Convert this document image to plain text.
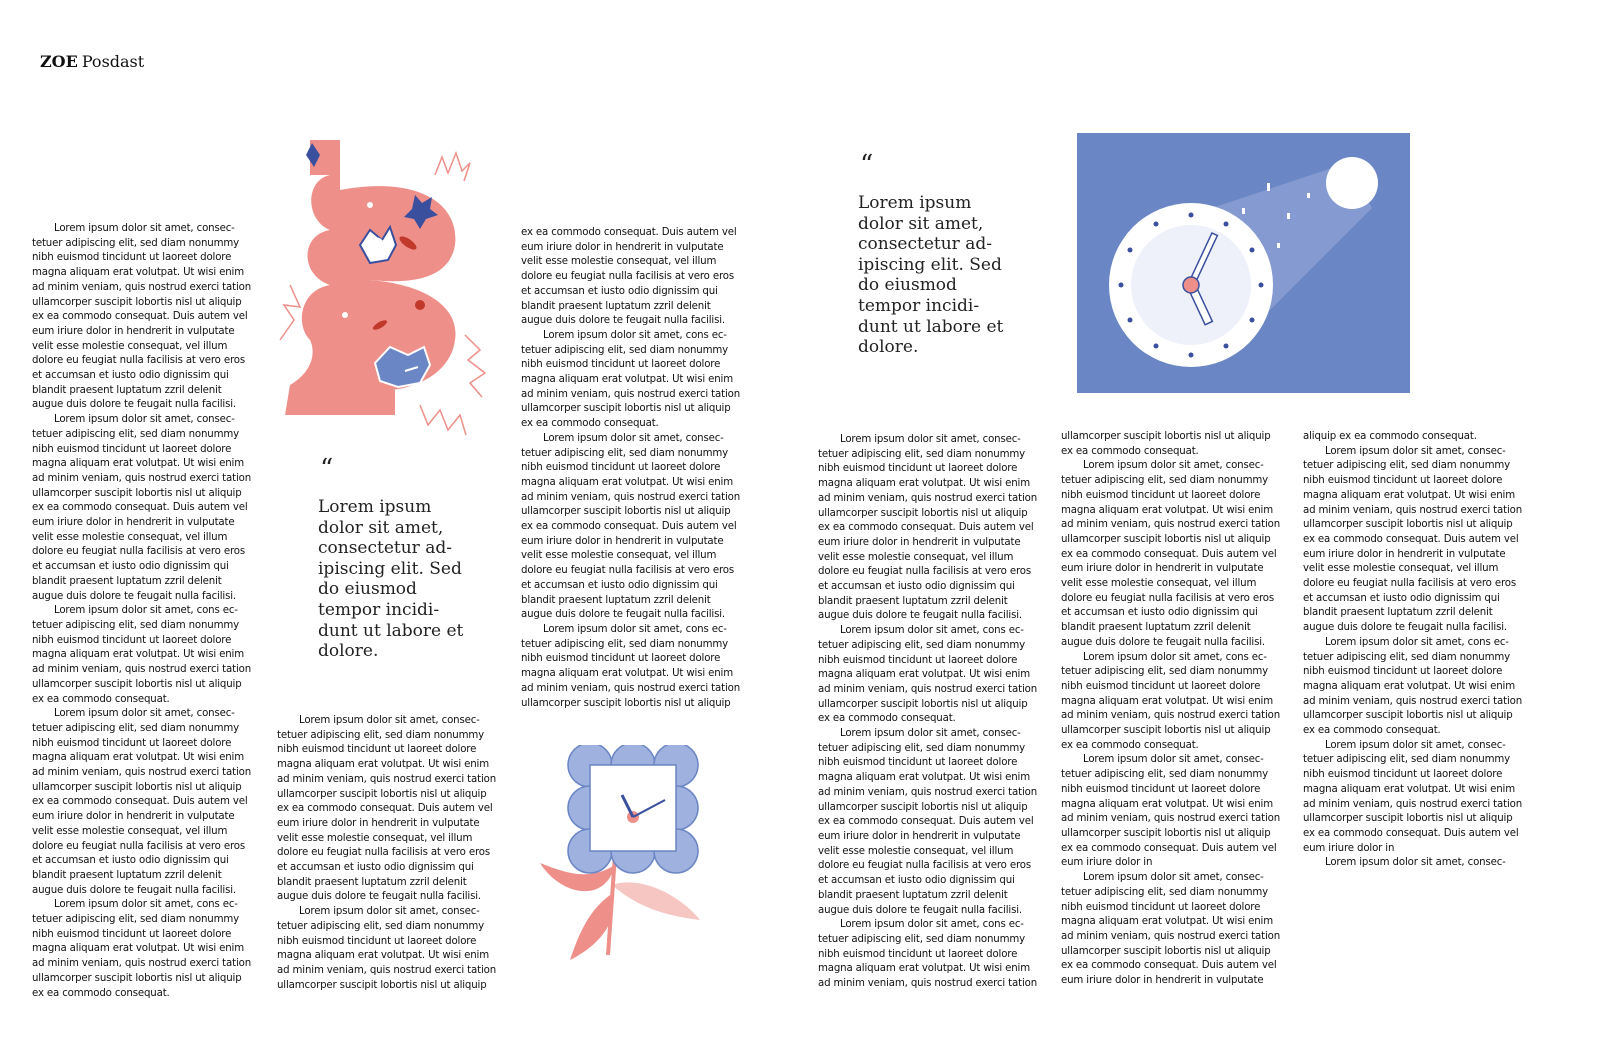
ZOE Posdast

Lorem ipsum dolor sit amet, consec-
tetuer adipiscing elit, sed diam nonummy
nibh euismod tincidunt ut laoreet dolore
magna aliquam erat volutpat. Ut wisi enim
ad minim veniam, quis nostrud exerci tation
ullamcorper suscipit lobortis nisl ut aliquip
ex ea commodo consequat. Duis autem vel
eum iriure dolor in hendrerit in vulputate
velit esse molestie consequat, vel illum
dolore eu feugiat nulla facilisis at vero eros
et accumsan et iusto odio dignissim qui
blandit praesent luptatum zzril delenit
augue duis dolore te feugait nulla facilisi.

Lorem ipsum dolor sit amet, consec-
tetuer adipiscing elit, sed diam nonummy
nibh euismod tincidunt ut laoreet dolore
magna aliquam erat volutpat. Ut wisi enim
ad minim veniam, quis nostrud exerci tation
ullamcorper suscipit lobortis nisl ut aliquip
ex ea commodo consequat. Duis autem vel
eum iriure dolor in hendrerit in vulputate
velit esse molestie consequat, vel illum
dolore eu feugiat nulla facilisis at vero eros
et accumsan et iusto odio dignissim qui
blandit praesent luptatum zzril delenit
augue duis dolore te feugait nulla facilisi.

Lorem ipsum dolor sit amet, cons ec-
tetuer adipiscing elit, sed diam nonummy
nibh euismod tincidunt ut laoreet dolore
magna aliquam erat volutpat. Ut wisi enim
ad minim veniam, quis nostrud exerci tation
ullamcorper suscipit lobortis nisl ut aliquip
ex ea commodo consequat.

Lorem ipsum dolor sit amet, consec-
tetuer adipiscing elit, sed diam nonummy
nibh euismod tincidunt ut laoreet dolore
magna aliquam erat volutpat. Ut wisi enim
ad minim veniam, quis nostrud exerci tation
ullamcorper suscipit lobortis nisl ut aliquip
ex ea commodo consequat. Duis autem vel
eum iriure dolor in hendrerit in vulputate
velit esse molestie consequat, vel illum
dolore eu feugiat nulla facilisis at vero eros
et accumsan et iusto odio dignissim qui
blandit praesent luptatum zzril delenit
augue duis dolore te feugait nulla facilisi.

Lorem ipsum dolor sit amet, cons ec-
tetuer adipiscing elit, sed diam nonummy
nibh euismod tincidunt ut laoreet dolore
magna aliquam erat volutpat. Ut wisi enim
ad minim veniam, quis nostrud exerci tation
ullamcorper suscipit lobortis nisl ut aliquip
ex ea commodo consequat.

Lorem ipsum dolor sit amet, consec-
tetuer adipiscing elit, sed diam nonummy
nibh euismod tincidunt ut laoreet dolore
magna aliquam erat volutpat. Ut wisi enim
ad minim veniam, quis nostrud exerci tation
ullamcorper suscipit lobortis nisl ut aliquip
ex ea commodo consequat. Duis autem vel
eum iriure dolor in hendrerit in vulputate
velit esse molestie consequat, vel illum
dolore eu feugiat nulla facilisis at vero eros
et accumsan et iusto odio dignissim qui
blandit praesent luptatum zzril delenit
augue duis dolore te feugait nulla facilisi.

Lorem ipsum dolor sit amet, consec-
tetuer adipiscing elit, sed diam nonummy
nibh euismod tincidunt ut laoreet dolore
magna aliquam erat volutpat. Ut wisi enim
ad minim veniam, quis nostrud exerci tation
ullamcorper suscipit lobortis nisl ut aliquip

ex ea commodo consequat. Duis autem vel
eum iriure dolor in hendrerit in vulputate
velit esse molestie consequat, vel illum
dolore eu feugiat nulla facilisis at vero eros
et accumsan et iusto odio dignissim qui
blandit praesent luptatum zzril delenit
augue duis dolore te feugait nulla facilisi.

Lorem ipsum dolor sit amet, cons ec-
tetuer adipiscing elit, sed diam nonummy
nibh euismod tincidunt ut laoreet dolore
magna aliquam erat volutpat. Ut wisi enim
ad minim veniam, quis nostrud exerci tation
ullamcorper suscipit lobortis nisl ut aliquip
ex ea commodo consequat.

Lorem ipsum dolor sit amet, consec-
tetuer adipiscing elit, sed diam nonummy
nibh euismod tincidunt ut laoreet dolore
magna aliquam erat volutpat. Ut wisi enim
ad minim veniam, quis nostrud exerci tation
ullamcorper suscipit lobortis nisl ut aliquip
ex ea commodo consequat. Duis autem vel
eum iriure dolor in hendrerit in vulputate
velit esse molestie consequat, vel illum
dolore eu feugiat nulla facilisis at vero eros
et accumsan et iusto odio dignissim qui
blandit praesent luptatum zzril delenit
augue duis dolore te feugait nulla facilisi.

Lorem ipsum dolor sit amet, cons ec-
tetuer adipiscing elit, sed diam nonummy
nibh euismod tincidunt ut laoreet dolore
magna aliquam erat volutpat. Ut wisi enim
ad minim veniam, quis nostrud exerci tation
ullamcorper suscipit lobortis nisl ut aliquip

Lorem ipsum dolor sit amet, consec-
tetuer adipiscing elit, sed diam nonummy
nibh euismod tincidunt ut laoreet dolore
magna aliquam erat volutpat. Ut wisi enim
ad minim veniam, quis nostrud exerci tation
ullamcorper suscipit lobortis nisl ut aliquip
ex ea commodo consequat. Duis autem vel
eum iriure dolor in hendrerit in vulputate
velit esse molestie consequat, vel illum
dolore eu feugiat nulla facilisis at vero eros
et accumsan et iusto odio dignissim qui
blandit praesent luptatum zzril delenit
augue duis dolore te feugait nulla facilisi.

Lorem ipsum dolor sit amet, cons ec-
tetuer adipiscing elit, sed diam nonummy
nibh euismod tincidunt ut laoreet dolore
magna aliquam erat volutpat. Ut wisi enim
ad minim veniam, quis nostrud exerci tation
ullamcorper suscipit lobortis nisl ut aliquip
ex ea commodo consequat.

Lorem ipsum dolor sit amet, consec-
tetuer adipiscing elit, sed diam nonummy
nibh euismod tincidunt ut laoreet dolore
magna aliquam erat volutpat. Ut wisi enim
ad minim veniam, quis nostrud exerci tation
ullamcorper suscipit lobortis nisl ut aliquip
ex ea commodo consequat. Duis autem vel
eum iriure dolor in hendrerit in vulputate
velit esse molestie consequat, vel illum
dolore eu feugiat nulla facilisis at vero eros
et accumsan et iusto odio dignissim qui
blandit praesent luptatum zzril delenit
augue duis dolore te feugait nulla facilisi.

Lorem ipsum dolor sit amet, cons ec-
tetuer adipiscing elit, sed diam nonummy
nibh euismod tincidunt ut laoreet dolore
magna aliquam erat volutpat. Ut wisi enim
ad minim veniam, quis nostrud exerci tation

ullamcorper suscipit lobortis nisl ut aliquip
ex ea commodo consequat.

Lorem ipsum dolor sit amet, consec-
tetuer adipiscing elit, sed diam nonummy
nibh euismod tincidunt ut laoreet dolore
magna aliquam erat volutpat. Ut wisi enim
ad minim veniam, quis nostrud exerci tation
ullamcorper suscipit lobortis nisl ut aliquip
ex ea commodo consequat. Duis autem vel
eum iriure dolor in hendrerit in vulputate
velit esse molestie consequat, vel illum
dolore eu feugiat nulla facilisis at vero eros
et accumsan et iusto odio dignissim qui
blandit praesent luptatum zzril delenit
augue duis dolore te feugait nulla facilisi.

Lorem ipsum dolor sit amet, cons ec-
tetuer adipiscing elit, sed diam nonummy
nibh euismod tincidunt ut laoreet dolore
magna aliquam erat volutpat. Ut wisi enim
ad minim veniam, quis nostrud exerci tation
ullamcorper suscipit lobortis nisl ut aliquip
ex ea commodo consequat.

Lorem ipsum dolor sit amet, consec-
tetuer adipiscing elit, sed diam nonummy
nibh euismod tincidunt ut laoreet dolore
magna aliquam erat volutpat. Ut wisi enim
ad minim veniam, quis nostrud exerci tation
ullamcorper suscipit lobortis nisl ut aliquip
ex ea commodo consequat. Duis autem vel
eum iriure dolor in

Lorem ipsum dolor sit amet, consec-
tetuer adipiscing elit, sed diam nonummy
nibh euismod tincidunt ut laoreet dolore
magna aliquam erat volutpat. Ut wisi enim
ad minim veniam, quis nostrud exerci tation
ullamcorper suscipit lobortis nisl ut aliquip
ex ea commodo consequat. Duis autem vel
eum iriure dolor in hendrerit in vulputate

aliquip ex ea commodo consequat.

Lorem ipsum dolor sit amet, consec-
tetuer adipiscing elit, sed diam nonummy
nibh euismod tincidunt ut laoreet dolore
magna aliquam erat volutpat. Ut wisi enim
ad minim veniam, quis nostrud exerci tation
ullamcorper suscipit lobortis nisl ut aliquip
ex ea commodo consequat. Duis autem vel
eum iriure dolor in hendrerit in vulputate
velit esse molestie consequat, vel illum
dolore eu feugiat nulla facilisis at vero eros
et accumsan et iusto odio dignissim qui
blandit praesent luptatum zzril delenit
augue duis dolore te feugait nulla facilisi.

Lorem ipsum dolor sit amet, cons ec-
tetuer adipiscing elit, sed diam nonummy
nibh euismod tincidunt ut laoreet dolore
magna aliquam erat volutpat. Ut wisi enim
ad minim veniam, quis nostrud exerci tation
ullamcorper suscipit lobortis nisl ut aliquip
ex ea commodo consequat.

Lorem ipsum dolor sit amet, consec-
tetuer adipiscing elit, sed diam nonummy
nibh euismod tincidunt ut laoreet dolore
magna aliquam erat volutpat. Ut wisi enim
ad minim veniam, quis nostrud exerci tation
ullamcorper suscipit lobortis nisl ut aliquip
ex ea commodo consequat. Duis autem vel
eum iriure dolor in

Lorem ipsum dolor sit amet, consec-

“
Lorem ipsum
dolor sit amet,
consectetur ad-
ipiscing elit. Sed
do eiusmod
tempor incidi-
dunt ut labore et
dolore.

“
Lorem ipsum
dolor sit amet,
consectetur ad-
ipiscing elit. Sed
do eiusmod
tempor incidi-
dunt ut labore et
dolore.
